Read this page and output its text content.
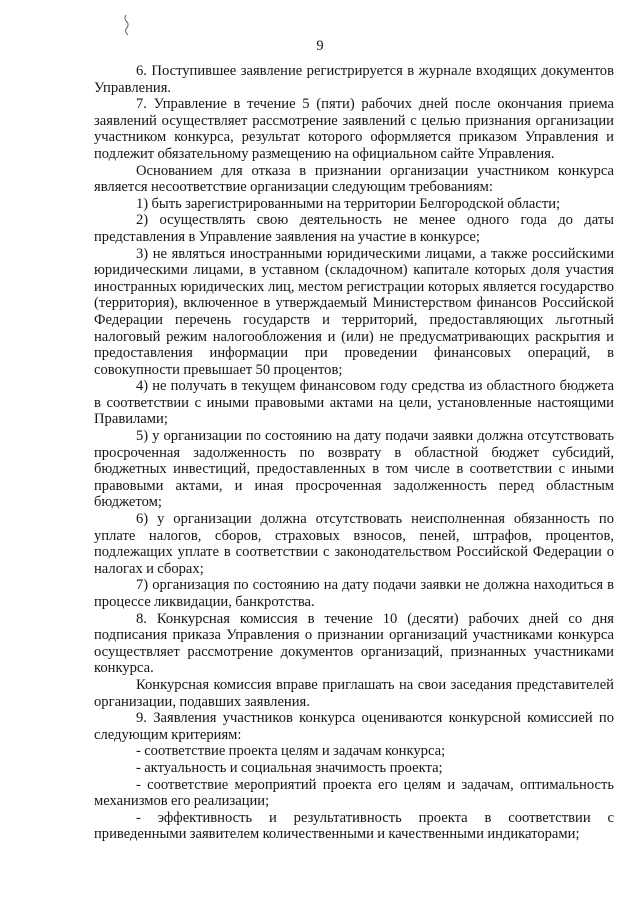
9

6. Поступившее заявление регистрируется в журнале входящих документов Управления.

7. Управление в течение 5 (пяти) рабочих дней после окончания приема заявлений осуществляет рассмотрение заявлений с целью признания организации участником конкурса, результат которого оформляется приказом Управления и подлежит обязательному размещению на официальном сайте Управления.

Основанием для отказа в признании организации участником конкурса является несоответствие организации следующим требованиям:

1) быть зарегистрированными на территории Белгородской области;

2) осуществлять свою деятельность не менее одного года до даты представления в Управление заявления на участие в конкурсе;

3) не являться иностранными юридическими лицами, а также российскими юридическими лицами, в уставном (складочном) капитале которых доля участия иностранных юридических лиц, местом регистрации которых является государство (территория), включенное в утверждаемый Министерством финансов Российской Федерации перечень государств и территорий, предоставляющих льготный налоговый режим налогообложения и (или) не предусматривающих раскрытия и предоставления информации при проведении финансовых операций, в совокупности превышает 50 процентов;

4) не получать в текущем финансовом году средства из областного бюджета в соответствии с иными правовыми актами на цели, установленные настоящими Правилами;

5) у организации по состоянию на дату подачи заявки должна отсутствовать просроченная задолженность по возврату в областной бюджет субсидий, бюджетных инвестиций, предоставленных в том числе в соответствии с иными правовыми актами, и иная просроченная задолженность перед областным бюджетом;

6) у организации должна отсутствовать неисполненная обязанность по уплате налогов, сборов, страховых взносов, пеней, штрафов, процентов, подлежащих уплате в соответствии с законодательством Российской Федерации о налогах и сборах;

7) организация по состоянию на дату подачи заявки не должна находиться в процессе ликвидации, банкротства.

8. Конкурсная комиссия в течение 10 (десяти) рабочих дней со дня подписания приказа Управления о признании организаций участниками конкурса осуществляет рассмотрение документов организаций, признанных участниками конкурса.

Конкурсная комиссия вправе приглашать на свои заседания представителей организации, подавших заявления.

9. Заявления участников конкурса оцениваются конкурсной комиссией по следующим критериям:

- соответствие проекта целям и задачам конкурса;

- актуальность и социальная значимость проекта;

- соответствие мероприятий проекта его целям и задачам, оптимальность механизмов его реализации;

- эффективность и результативность проекта в соответствии с приведенными заявителем количественными и качественными индикаторами;
